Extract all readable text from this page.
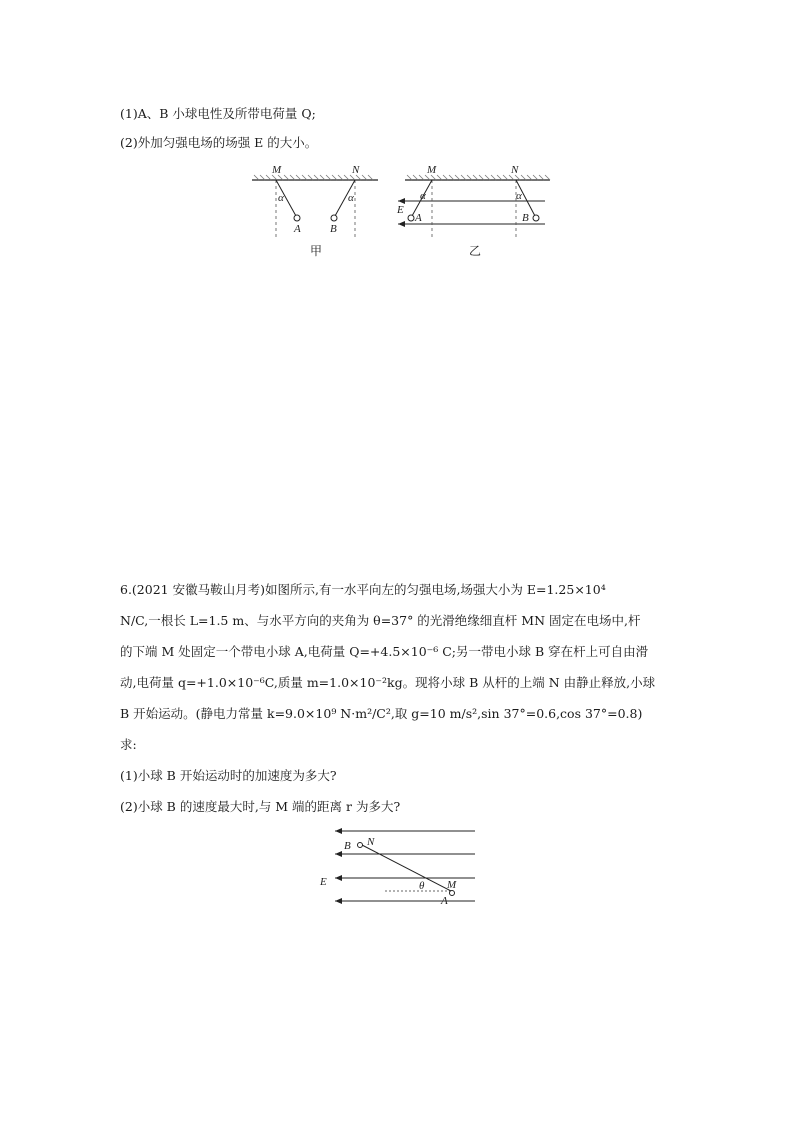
(1)A、B 小球电性及所带电荷量 Q;
(2)外加匀强电场的场强 E 的大小。
M	N
α	α
A	B
甲
M	N
α	α
E
A	B
乙
6.(2021 安徽马鞍山月考)如图所示,有一水平向左的匀强电场,场强大小为 E=1.25×10⁴
N/C,一根长 L=1.5 m、与水平方向的夹角为 θ=37° 的光滑绝缘细直杆 MN 固定在电场中,杆
的下端 M 处固定一个带电小球 A,电荷量 Q=+4.5×10⁻⁶ C;另一带电小球 B 穿在杆上可自由滑
动,电荷量 q=+1.0×10⁻⁶C,质量 m=1.0×10⁻²kg。现将小球 B 从杆的上端 N 由静止释放,小球
B 开始运动。(静电力常量 k=9.0×10⁹ N·m²/C²,取 g=10 m/s²,sin 37°=0.6,cos 37°=0.8)
求:
(1)小球 B 开始运动时的加速度为多大?
(2)小球 B 的速度最大时,与 M 端的距离 r 为多大?
B N
E	θ M
A
